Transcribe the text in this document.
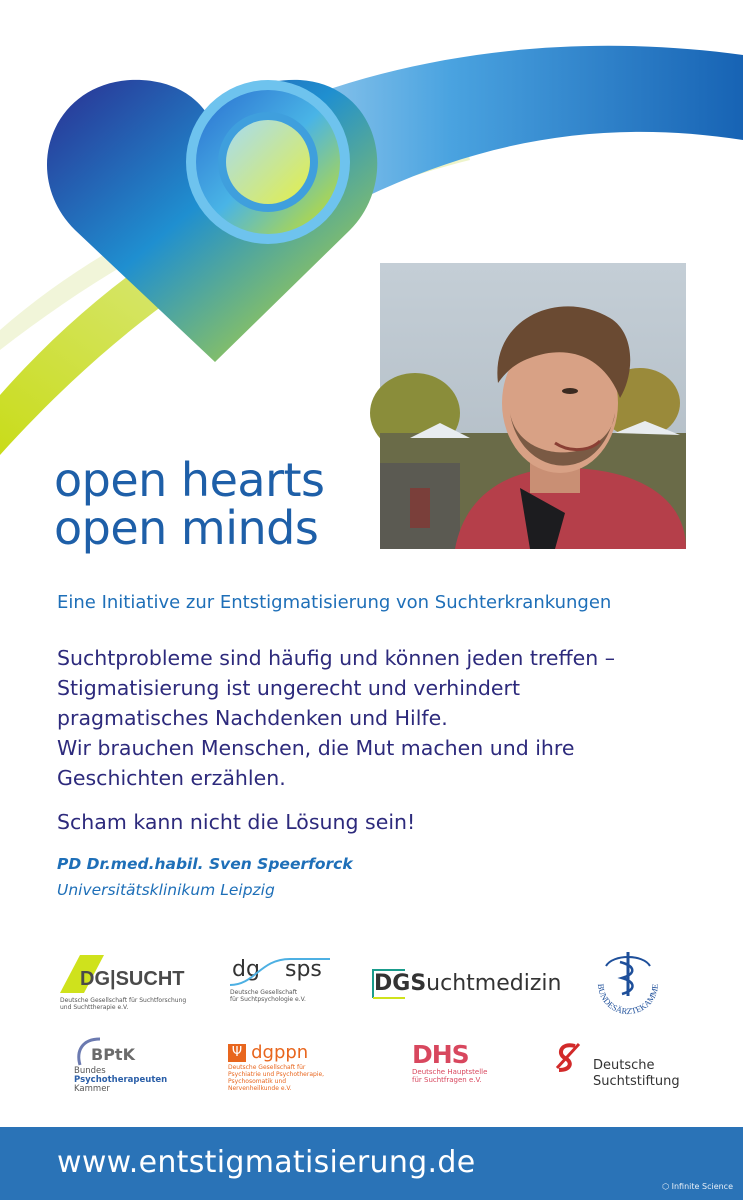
open hearts
open minds
Eine Initiative zur Entstigmatisierung von Suchterkrankungen
Suchtprobleme sind häufig und können jeden treffen –
Stigmatisierung ist ungerecht und verhindert
pragmatisches Nachdenken und Hilfe.
Wir brauchen Menschen, die Mut machen und ihre
Geschichten erzählen.
Scham kann nicht die Lösung sein!
PD Dr.med.habil. Sven Speerforck
Universitätsklinikum Leipzig
DG|SUCHT
Deutsche Gesellschaft für Suchtforschung
und Suchttherapie e.V.
dg sps
Deutsche Gesellschaft
für Suchtpsychologie e.V.
DGSuchtmedizin	BUNDESÄRZTEKAMME
BPtK
Bundes
Psychotherapeuten
Kammer
Ψ dgppn
Deutsche Gesellschaft für
Psychiatrie und Psychotherapie,
Psychosomatik und
Nervenheilkunde e.V.
DHS
Deutsche Hauptstelle
für Suchtfragen e.V.
Deutsche
Suchtstiftung
www.entstigmatisierung.de
⬡ Infinite Science
